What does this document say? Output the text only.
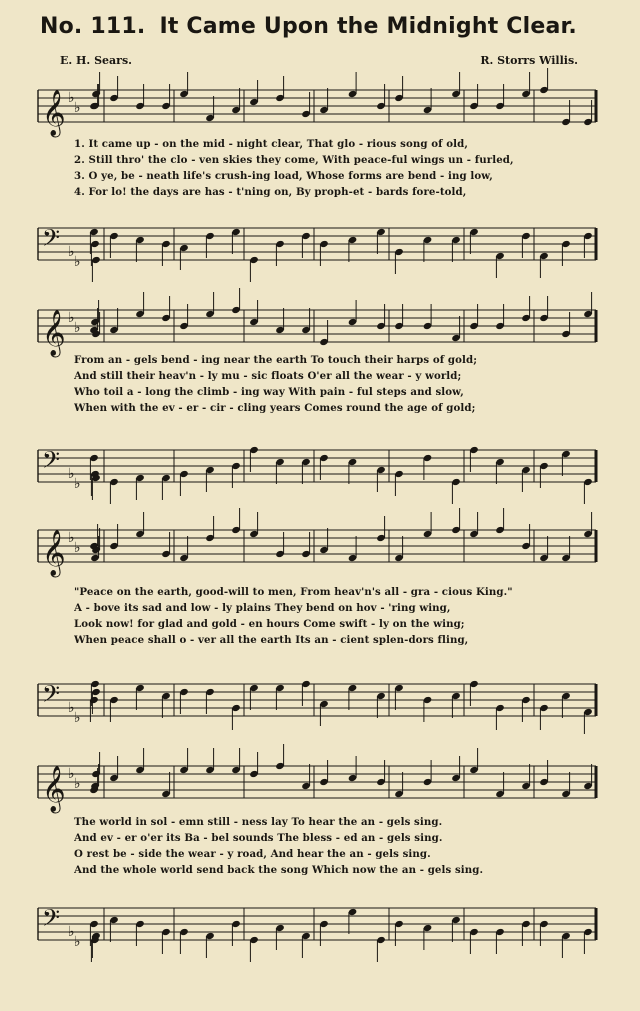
No. 111. It Came Upon the Midnight Clear.
E. H. Sears.	R. Storrs Willis.
𝄞 ♭
♭
1. It came up - on the mid - night clear, That glo - rious song of old,
2. Still thro' the clo - ven skies they come, With peace-ful wings un - furled,
3. O ye, be - neath life's crush-ing load, Whose forms are bend - ing low,
4. For lo! the days are has - t'ning on, By proph-et - bards fore-told,
𝄢 ♭
♭
𝄞 ♭
♭
From an - gels bend - ing near the earth To touch their harps of gold;
And still their heav'n - ly mu - sic floats O'er all the wear - y world;
Who toil a - long the climb - ing way With pain - ful steps and slow,
When with the ev - er - cir - cling years Comes round the age of gold;
𝄢 ♭
♭
𝄞 ♭
♭
"Peace on the earth, good-will to men, From heav'n's all - gra - cious King."
A - bove its sad and low - ly plains They bend on hov - 'ring wing,
Look now! for glad and gold - en hours Come swift - ly on the wing;
When peace shall o - ver all the earth Its an - cient splen-dors fling,
𝄢 ♭
♭
𝄞 ♭
♭
The world in sol - emn still - ness lay To hear the an - gels sing.
And ev - er o'er its Ba - bel sounds The bless - ed an - gels sing.
O rest be - side the wear - y road, And hear the an - gels sing.
And the whole world send back the song Which now the an - gels sing.
𝄢 ♭
♭
